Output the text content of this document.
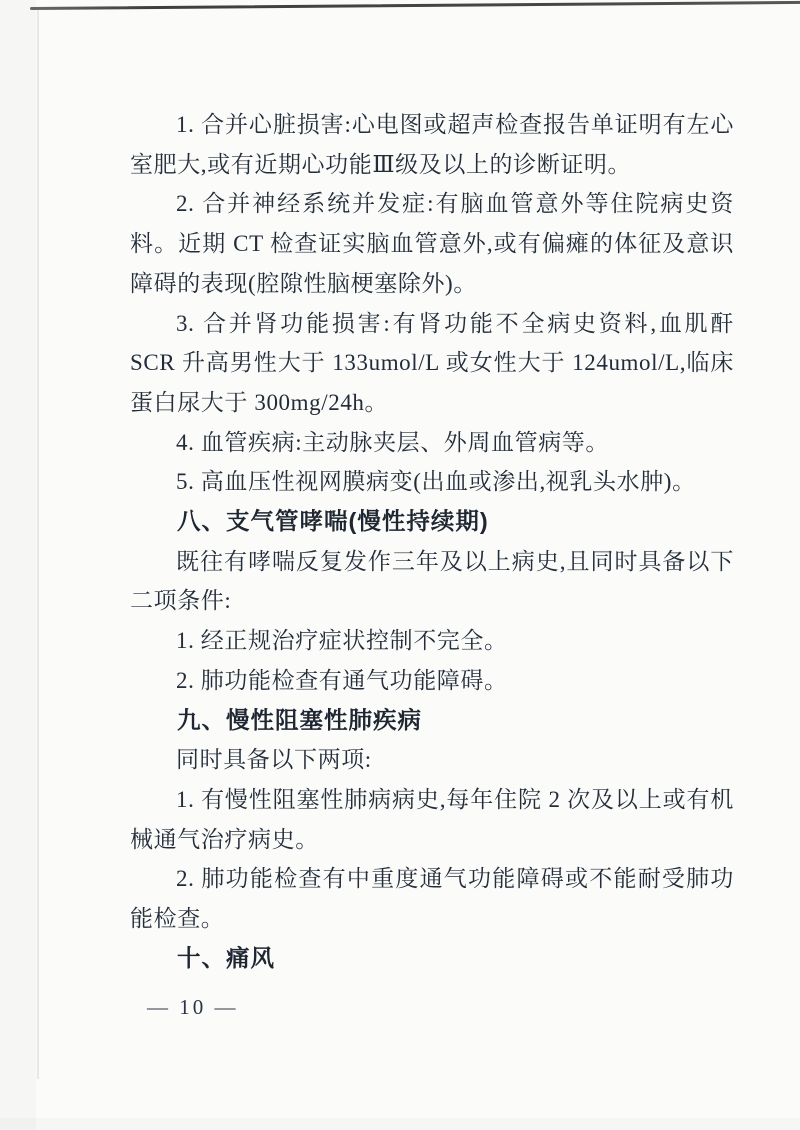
1. 合并心脏损害:心电图或超声检查报告单证明有左心室肥大,或有近期心功能Ⅲ级及以上的诊断证明。

2. 合并神经系统并发症:有脑血管意外等住院病史资料。近期 CT 检查证实脑血管意外,或有偏瘫的体征及意识障碍的表现(腔隙性脑梗塞除外)。

3. 合并肾功能损害:有肾功能不全病史资料,血肌酐 SCR 升高男性大于 133umol/L 或女性大于 124umol/L,临床蛋白尿大于 300mg/24h。

4. 血管疾病:主动脉夹层、外周血管病等。

5. 高血压性视网膜病变(出血或渗出,视乳头水肿)。

八、支气管哮喘(慢性持续期)

既往有哮喘反复发作三年及以上病史,且同时具备以下二项条件:

1. 经正规治疗症状控制不完全。

2. 肺功能检查有通气功能障碍。

九、慢性阻塞性肺疾病

同时具备以下两项:

1. 有慢性阻塞性肺病病史,每年住院 2 次及以上或有机械通气治疗病史。

2. 肺功能检查有中重度通气功能障碍或不能耐受肺功能检查。

十、痛风
— 10 —
